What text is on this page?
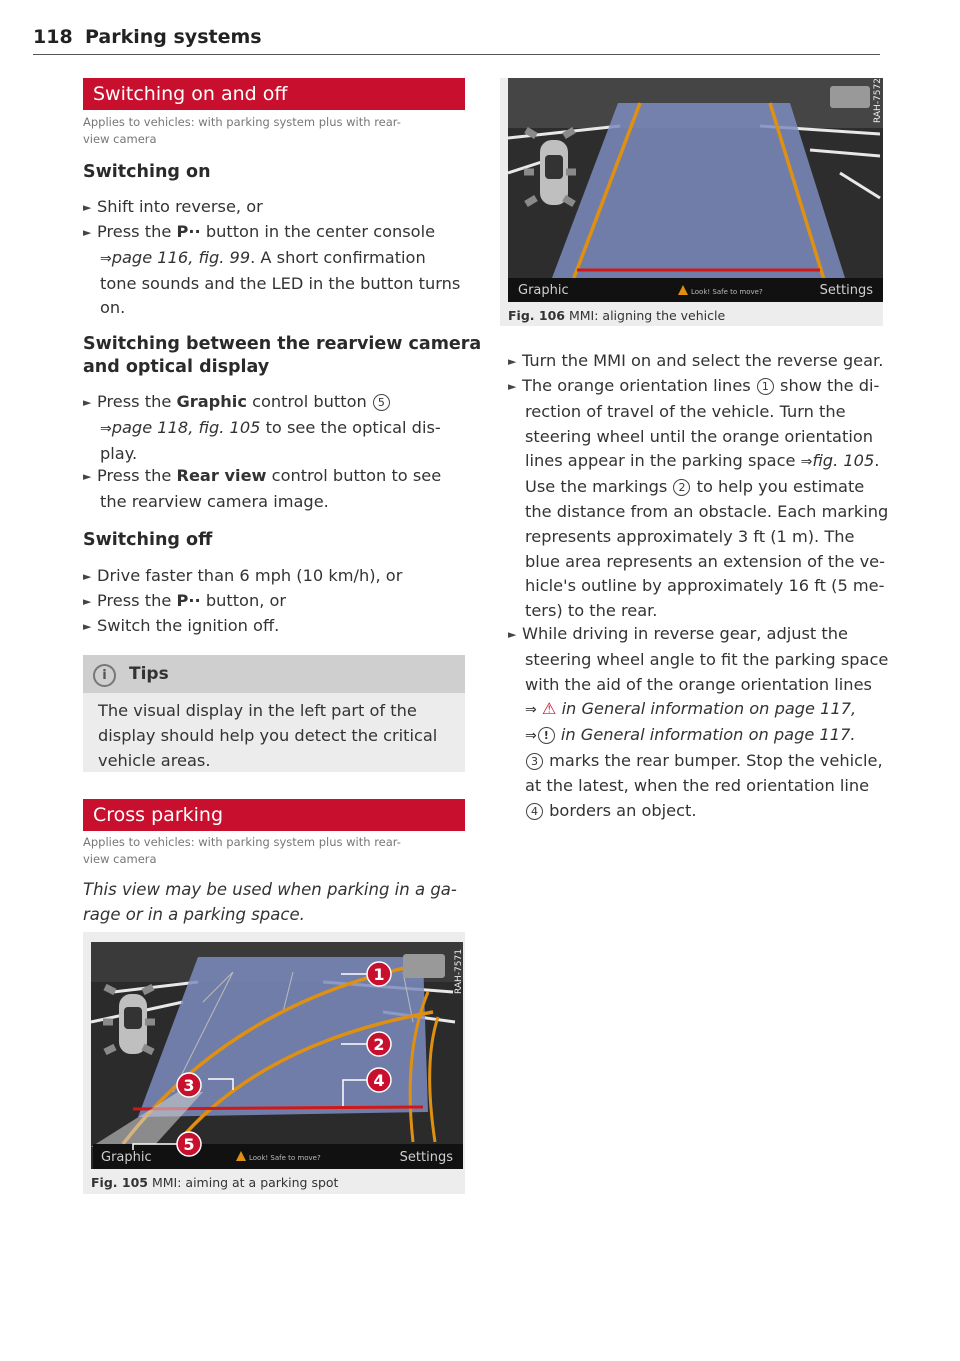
118 Parking systems
Switching on and off
Applies to vehicles: with parking system plus with rear-
view camera
Switching on
► Shift into reverse, or
► Press the P·· button in the center console
⇒page 116, fig. 99. A short confirmation
tone sounds and the LED in the button turns
on.
Switching between the rearview camera
and optical display
► Press the Graphic control button 5
⇒page 118, fig. 105 to see the optical dis-
play.
► Press the Rear view control button to see
the rearview camera image.
Switching off
► Drive faster than 6 mph (10 km/h), or
► Press the P·· button, or
► Switch the ignition off.
i	Tips
The visual display in the left part of the
display should help you detect the critical
vehicle areas.
Cross parking
Applies to vehicles: with parking system plus with rear-
view camera
This view may be used when parking in a ga-
rage or in a parking space.
1
2
3	4
5
Graphic	Look! Safe to move?	Settings
RAH-7571
Fig. 105 MMI: aiming at a parking spot
Graphic	Look! Safe to move?	Settings
RAH-7572
Fig. 106 MMI: aligning the vehicle
► Turn the MMI on and select the reverse gear.
► The orange orientation lines 1 show the di-
rection of travel of the vehicle. Turn the
steering wheel until the orange orientation
lines appear in the parking space ⇒fig. 105.
Use the markings 2 to help you estimate
the distance from an obstacle. Each marking
represents approximately 3 ft (1 m). The
blue area represents an extension of the ve-
hicle's outline by approximately 16 ft (5 me-
ters) to the rear.
► While driving in reverse gear, adjust the
steering wheel angle to fit the parking space
with the aid of the orange orientation lines
⇒ ⚠ in General information on page 117,
⇒ ! in General information on page 117.
3 marks the rear bumper. Stop the vehicle,
at the latest, when the red orientation line
4 borders an object.
